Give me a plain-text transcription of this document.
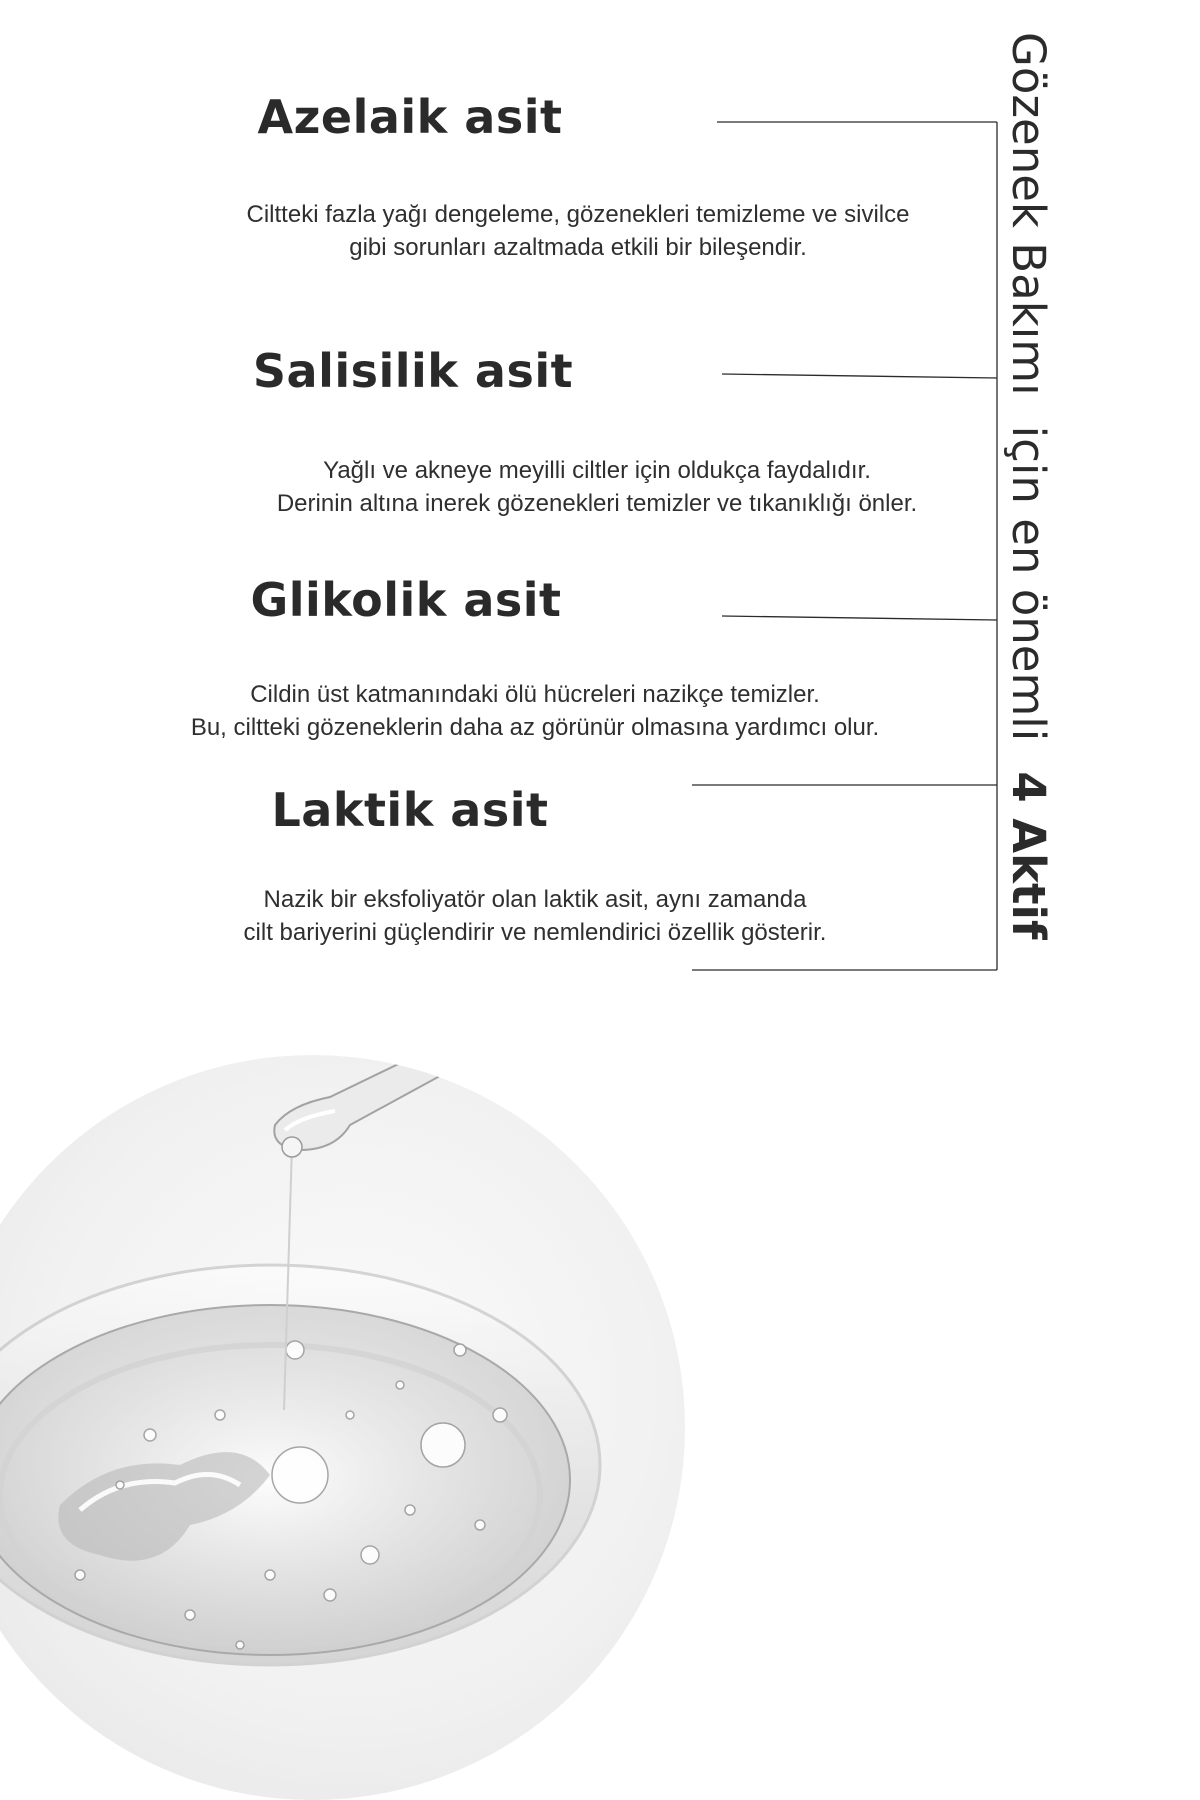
Azelaik asit

Ciltteki fazla yağı dengeleme, gözenekleri temizleme ve sivilce
gibi sorunları azaltmada etkili bir bileşendir.

Salisilik asit

Yağlı ve akneye meyilli ciltler için oldukça faydalıdır.
Derinin altına inerek gözenekleri temizler ve tıkanıklığı önler.

Glikolik asit

Cildin üst katmanındaki ölü hücreleri nazikçe temizler.
Bu, ciltteki gözeneklerin daha az görünür olmasına yardımcı olur.

Laktik asit

Nazik bir eksfoliyatör olan laktik asit, aynı zamanda
cilt bariyerini güçlendirir ve nemlendirici özellik gösterir.

Gözenek Bakımıiçin en önemli4 Aktif
